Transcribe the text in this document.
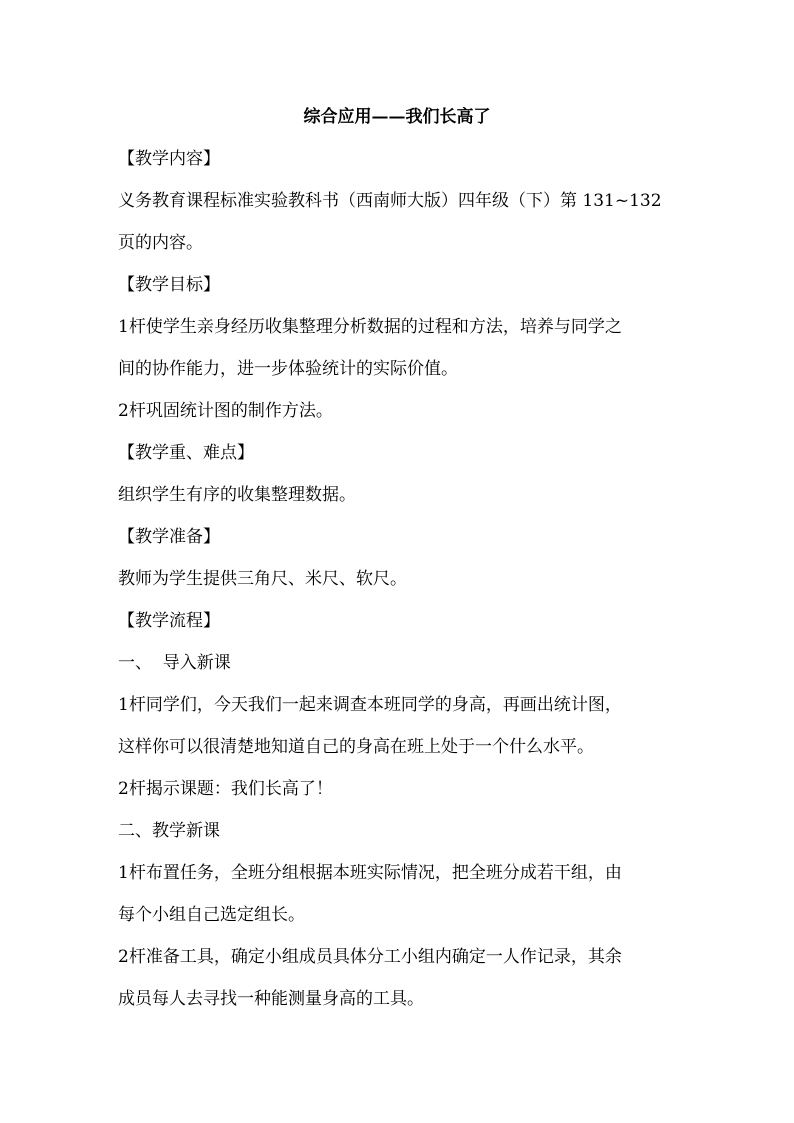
综合应用——我们长高了
【教学内容】
义务教育课程标准实验教科书（西南师大版）四年级（下）第 131~132
页的内容。
【教学目标】
1杆使学生亲身经历收集整理分析数据的过程和方法，培养与同学之
间的协作能力，进一步体验统计的实际价值。
2杆巩固统计图的制作方法。
【教学重、难点】
组织学生有序的收集整理数据。
【教学准备】
教师为学生提供三角尺、米尺、软尺。
【教学流程】
一、  导入新课
1杆同学们，今天我们一起来调查本班同学的身高，再画出统计图，
这样你可以很清楚地知道自己的身高在班上处于一个什么水平。
2杆揭示课题：我们长高了！
二、教学新课
1杆布置任务，全班分组根据本班实际情况，把全班分成若干组，由
每个小组自己选定组长。
2杆准备工具，确定小组成员具体分工小组内确定一人作记录，其余
成员每人去寻找一种能测量身高的工具。
